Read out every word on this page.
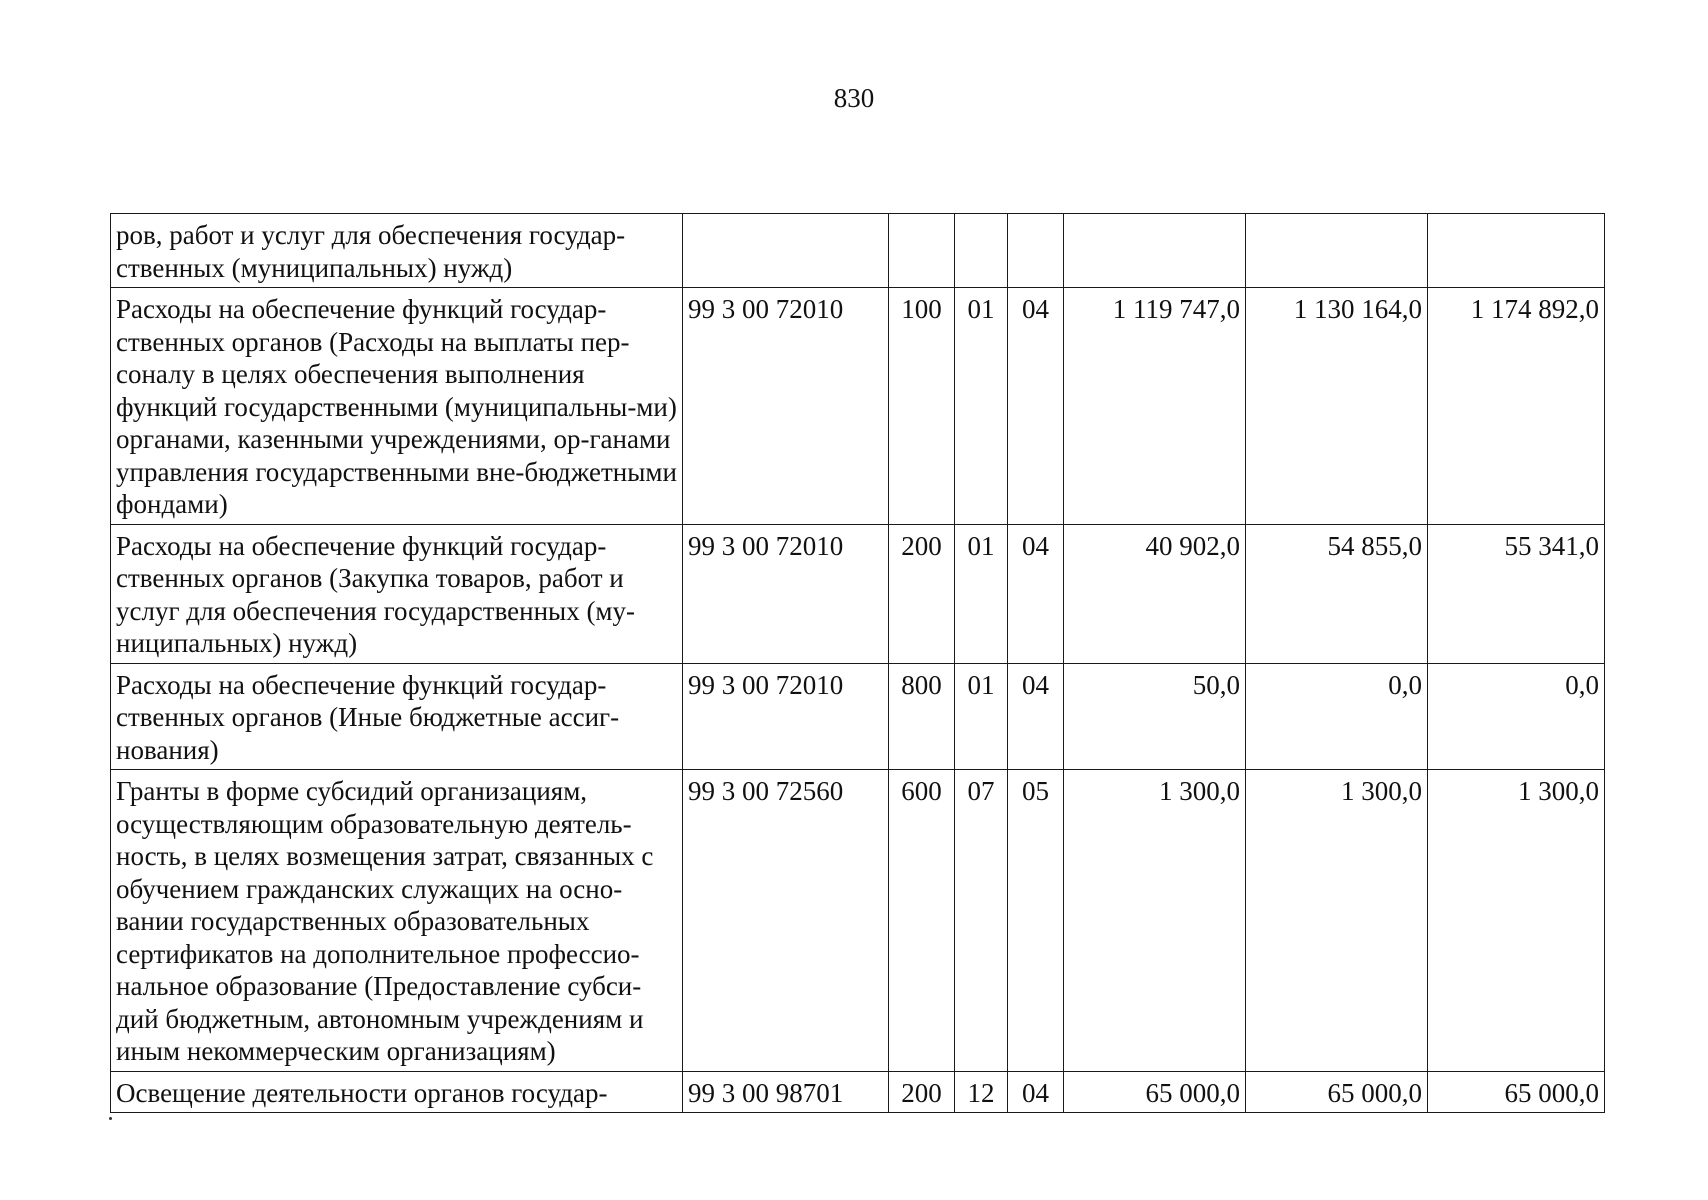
830
ров, работ и услуг для обеспечения государ-ственных (муниципальных) нужд)							
Расходы на обеспечение функций государ-ственных органов (Расходы на выплаты пер-соналу в целях обеспечения выполнения функций государственными (муниципальны-ми) органами, казенными учреждениями, ор-ганами управления государственными вне-бюджетными фондами)	99 3 00 72010	100	01	04	1 119 747,0	1 130 164,0	1 174 892,0
Расходы на обеспечение функций государ-ственных органов (Закупка товаров, работ и услуг для обеспечения государственных (му-ниципальных) нужд)	99 3 00 72010	200	01	04	40 902,0	54 855,0	55 341,0
Расходы на обеспечение функций государ-ственных органов (Иные бюджетные ассиг-нования)	99 3 00 72010	800	01	04	50,0	0,0	0,0
Гранты в форме субсидий организациям, осуществляющим образовательную деятель-ность, в целях возмещения затрат, связанных с обучением гражданских служащих на осно-вании государственных образовательных сертификатов на дополнительное профессио-нальное образование (Предоставление субси-дий бюджетным, автономным учреждениям и иным некоммерческим организациям)	99 3 00 72560	600	07	05	1 300,0	1 300,0	1 300,0
Освещение деятельности органов государ-	99 3 00 98701	200	12	04	65 000,0	65 000,0	65 000,0
